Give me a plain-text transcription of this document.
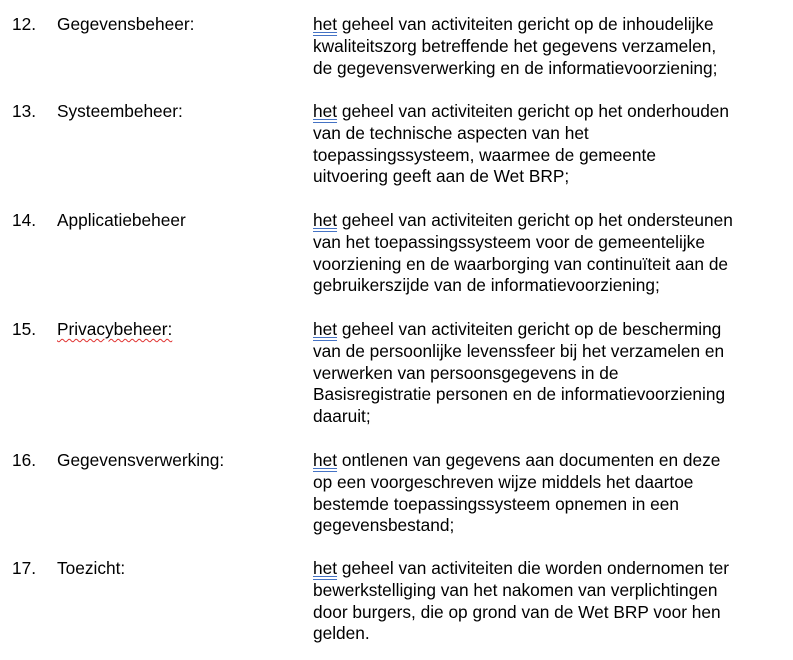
12. Gegevensbeheer:	het geheel van activiteiten gericht op de inhoudelijke
kwaliteitszorg betreffende het gegevens verzamelen,
de gegevensverwerking en de informatievoorziening;
13. Systeembeheer:	het geheel van activiteiten gericht op het onderhouden
van de technische aspecten van het
toepassingssysteem, waarmee de gemeente
uitvoering geeft aan de Wet BRP;
14. Applicatiebeheer	het geheel van activiteiten gericht op het ondersteunen
van het toepassingssysteem voor de gemeentelijke
voorziening en de waarborging van continuïteit aan de
gebruikerszijde van de informatievoorziening;
15. Privacybeheer:	het geheel van activiteiten gericht op de bescherming
van de persoonlijke levenssfeer bij het verzamelen en
verwerken van persoonsgegevens in de
Basisregistratie personen en de informatievoorziening
daaruit;
16. Gegevensverwerking:	het ontlenen van gegevens aan documenten en deze
op een voorgeschreven wijze middels het daartoe
bestemde toepassingssysteem opnemen in een
gegevensbestand;
17. Toezicht:	het geheel van activiteiten die worden ondernomen ter
bewerkstelliging van het nakomen van verplichtingen
door burgers, die op grond van de Wet BRP voor hen
gelden.
